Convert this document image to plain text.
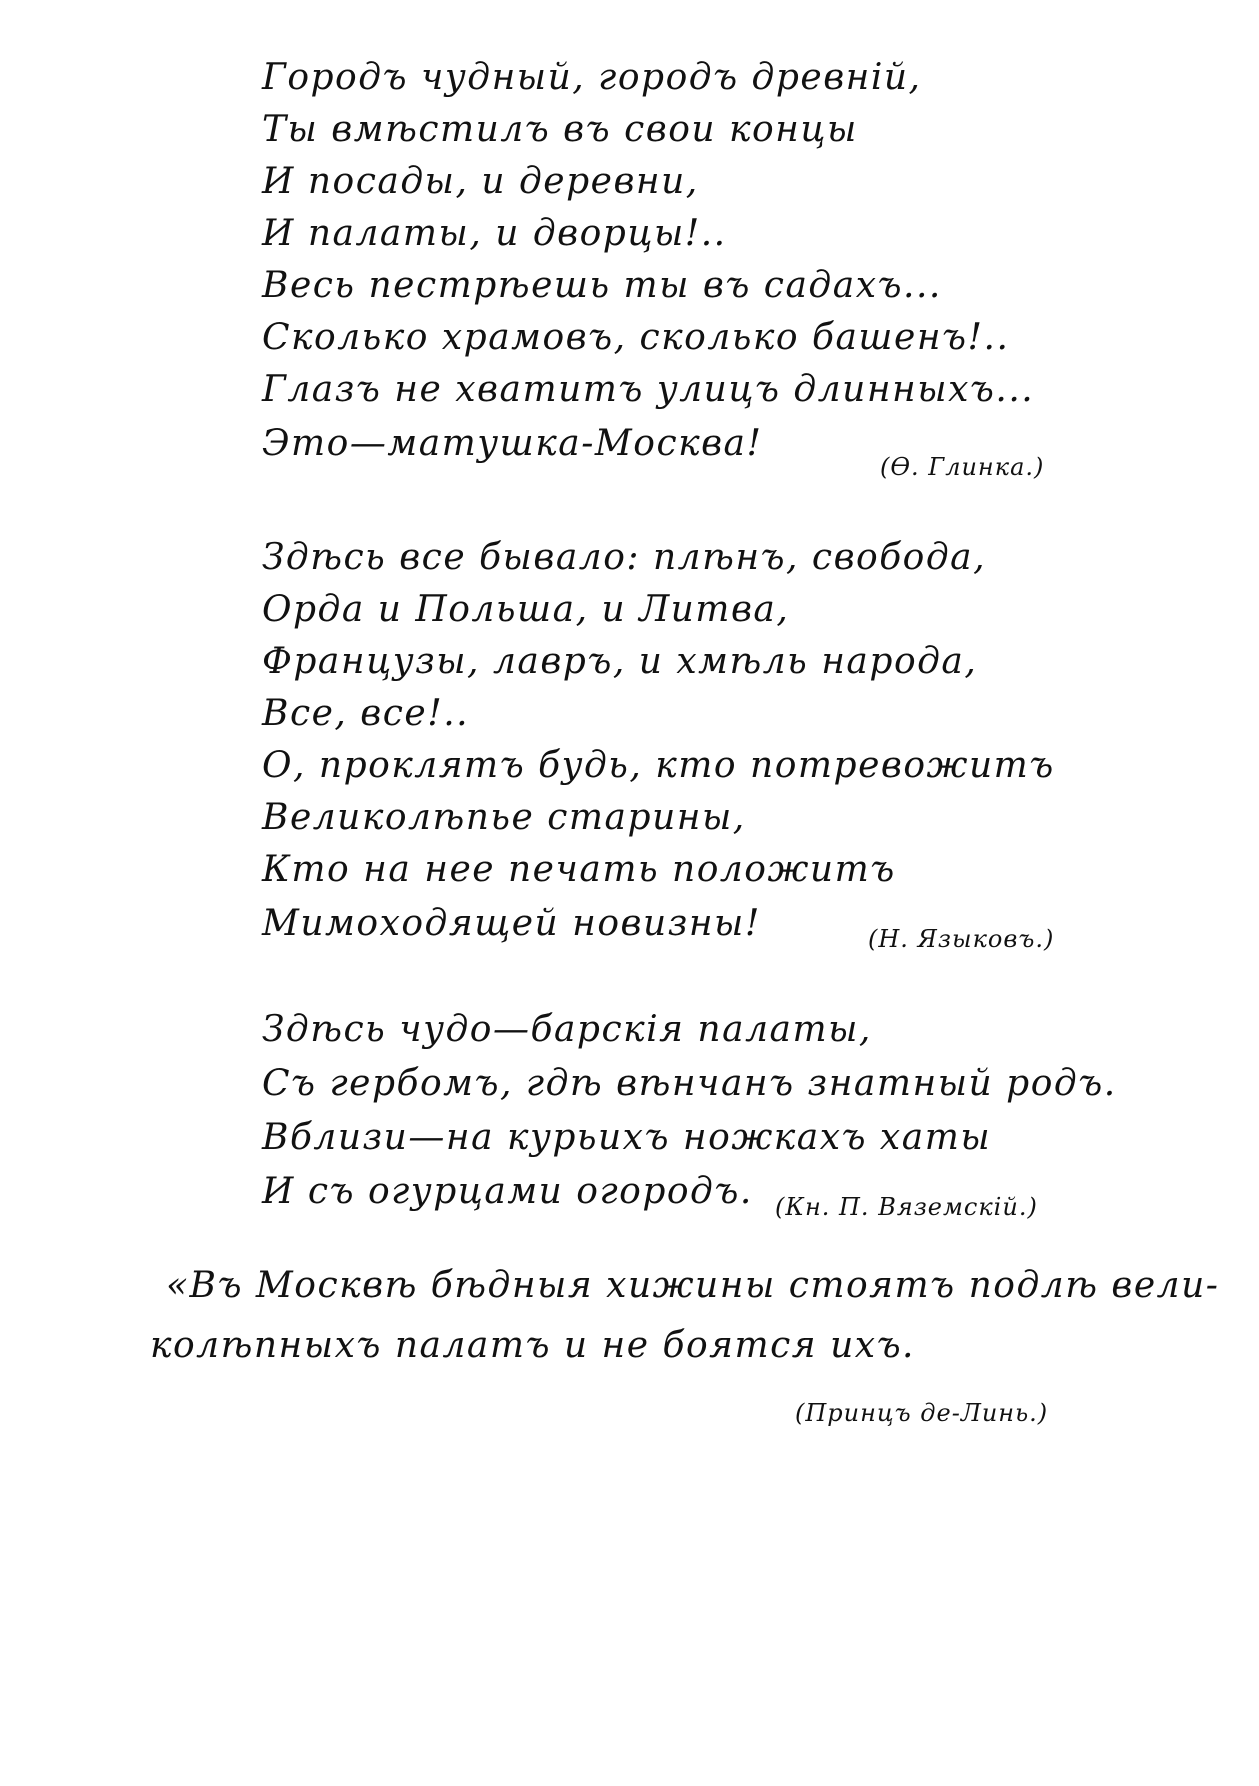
Городъ чудный, городъ древній,
Ты вмѣстилъ въ свои концы
И посады, и деревни,
И палаты, и дворцы!..
Весь пестрѣешь ты въ садахъ...
Сколько храмовъ, сколько башенъ!..
Глазъ не хватитъ улицъ длинныхъ...
Это—матушка-Москва!
(Ѳ. Глинка.)
Здѣсь все бывало: плѣнъ, свобода,
Орда и Польша, и Литва,
Французы, лавръ, и хмѣль народа,
Все, все!..
О, проклятъ будь, кто потревожитъ
Великолѣпье старины,
Кто на нее печать положитъ
Мимоходящей новизны!	(Н. Языковъ.)
Здѣсь чудо—барскія палаты,
Съ гербомъ, гдѣ вѣнчанъ знатный родъ.
Вблизи—на курьихъ ножкахъ хаты
И съ огурцами огородъ. (Кн. П. Вяземскій.)
«Въ Москвѣ бѣдныя хижины стоятъ подлѣ вели-
колѣпныхъ палатъ и не боятся ихъ.
(Принцъ де-Линь.)
